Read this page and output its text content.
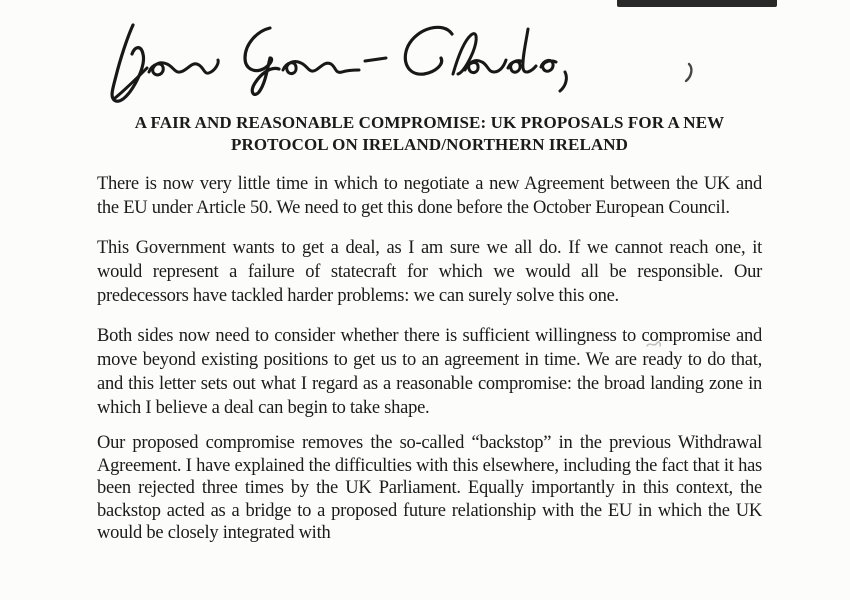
A FAIR AND REASONABLE COMPROMISE: UK PROPOSALS FOR A NEW
PROTOCOL ON IRELAND/NORTHERN IRELAND

There is now very little time in which to negotiate a new Agreement between the UK and the EU under Article 50. We need to get this done before the October European Council.

This Government wants to get a deal, as I am sure we all do. If we cannot reach one, it would represent a failure of statecraft for which we would all be responsible. Our predecessors have tackled harder problems: we can surely solve this one.

Both sides now need to consider whether there is sufficient willingness to compromise and move beyond existing positions to get us to an agreement in time. We are ready to do that, and this letter sets out what I regard as a reasonable compromise: the broad landing zone in which I believe a deal can begin to take shape.

Our proposed compromise removes the so-called “backstop” in the previous Withdrawal Agreement. I have explained the difficulties with this elsewhere, including the fact that it has been rejected three times by the UK Parliament. Equally importantly in this context, the backstop acted as a bridge to a proposed future relationship with the EU in which the UK would be closely integrated with
